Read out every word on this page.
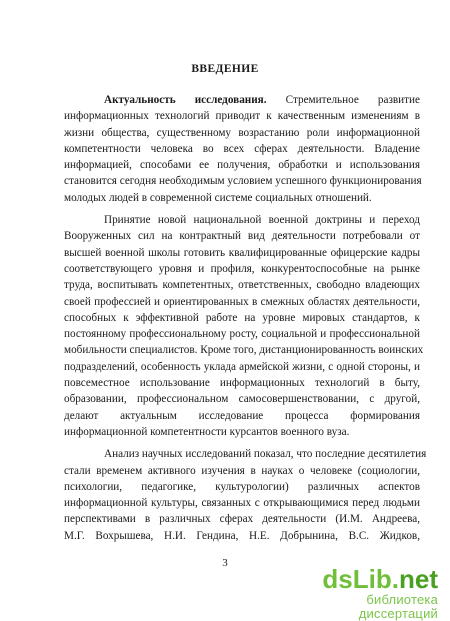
ВВЕДЕНИЕ
Актуальность исследования. Стремительное развитие
информационных технологий приводит к качественным изменениям в
жизни общества, существенному возрастанию роли информационной
компетентности человека во всех сферах деятельности. Владение
информацией, способами ее получения, обработки и использования
становится сегодня необходимым условием успешного функционирования
молодых людей в современной системе социальных отношений.
Принятие новой национальной военной доктрины и переход
Вооруженных сил на контрактный вид деятельности потребовали от
высшей военной школы готовить квалифицированные офицерские кадры
соответствующего уровня и профиля, конкурентоспособные на рынке
труда, воспитывать компетентных, ответственных, свободно владеющих
своей профессией и ориентированных в смежных областях деятельности,
способных к эффективной работе на уровне мировых стандартов, к
постоянному профессиональному росту, социальной и профессиональной
мобильности специалистов. Кроме того, дистанционированность воинских
подразделений, особенность уклада армейской жизни, с одной стороны, и
повсеместное использование информационных технологий в быту,
образовании, профессиональном самосовершенствовании, с другой,
делают актуальным исследование процесса формирования
информационной компетентности курсантов военного вуза.
Анализ научных исследований показал, что последние десятилетия
стали временем активного изучения в науках о человеке (социологии,
психологии, педагогике, культурологии) различных аспектов
информационной культуры, связанных с открывающимися перед людьми
перспективами в различных сферах деятельности (И.М. Андреева,
М.Г. Вохрышева, Н.И. Гендина, Н.Е. Добрынина, В.С. Жидков,
3
dsLib.net
библиотека диссертаций
